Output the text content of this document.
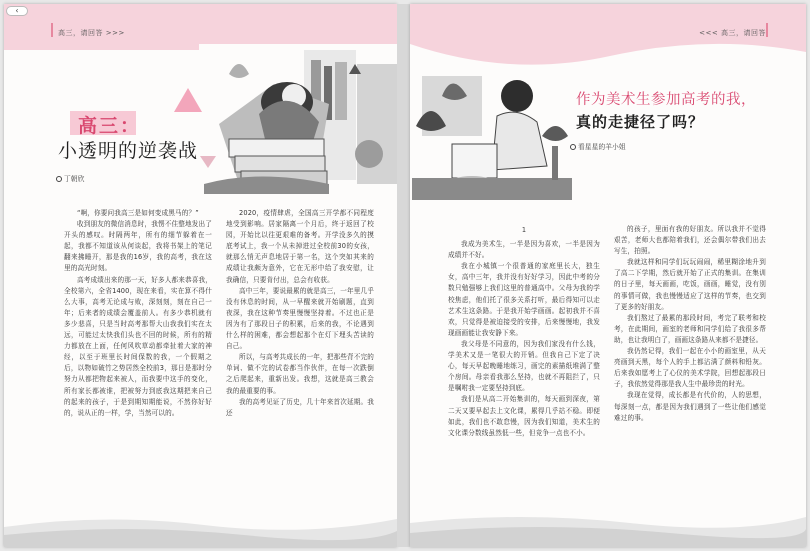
高三，请回答 >>>
高三：
小透明的逆袭战
丁朝欣

“啊，你要问我高三是如何变成黑马的？”

收到朋友的微信消息时，我愣不住整地发出了开头的感叹。时隔两年，所有的细节躲着在一起，我都不知道该从何谈起，我将书架上的笔记翻来拂睡开，那是我的16岁，我的高考，我在这里的高光时刻。

高考成绩出来的那一天，好多人都来恭喜我，全校第六，全省1400，现在来看，实在算不得什么大事，高考无论成与败，深刻刻，刻在自己一年；后来者的成绩会覆盖前人。有多少恭机就有多少悲喜，只是当时高考那帮大山我我们实在太远，可能过太快我们头也不回的时候，所有的精力都放在上面，任何风吹草动都牵扯着大家的神经，以至于班里长时间保数的我，一个假期之后，以物如破竹之势居然全校前3，那日是那时分努力从都把物起来被人，而我要中这手的变化，所有家长都被谁，把被努力到底我这期把来自己的起来的孩子，于是到期知期能说，不然你好好的，说从正的一样，学，当然可以的。

2020，疫情肆虐，全国高三开学都不同程度地受到影响。居家隔离一个月后，终于返回了校园，开始比以往更艰难的备考。开学没多久的摸底考试上，我一个从未掉进过全校前30的女孩，就那么悄无声息地居于第一名，这个突如其来的成绩让我颇为意外，它在无形中给了我安慰，让我确信，只要肯付出，总会有收获。

高中三年，要说最累的就是高三，一年里几乎没有休息的时间，从一早醒来就开始刷题，直到夜深，我在这种节奏里慢慢坚持着。不过也正是因为有了那段日子的积累，后来的我，不论遇到什么样的困难，都会想起那个在灯下埋头苦读的自己。

所以，与高考共成长的一年，把那些背不完的单词、做不完的试卷都当作伙伴，在每一次跌倒之后爬起来，重新出发。我想，这就是高三教会我的最重要的事。

我的高考见证了历史，几十年来首次延期。我还

‹
<<< 高三，请回答
作为美术生参加高考的我，
真的走捷径了吗？
看星星的羊小姐
1

我成为美术生，一半是因为喜欢，一半是因为成绩并不好。

我在小城镇一个很普通的家庭里长大，独生女，高中三年，我并没有好好学习，因此中考的分数只勉强够上我们这里的普通高中。父母为我的学校焦虑，他们托了很多关系打听，最后得知可以走艺术生这条路。于是我开始学画画。起初我并不喜欢，只觉得是被迫接受的安排，后来慢慢地，我发现画画能让我安静下来。

我父母是不同意的，因为我们家没有什么钱，学美术又是一笔很大的开销。但我自己下定了决心，每天早起晚睡地练习，画完的素描纸堆满了整个房间。母亲看我那么坚持，也就不再阻拦了，只是嘱咐我一定要坚持到底。

我们是从高二开始集训的，每天画到深夜，第二天又要早起去上文化课，累得几乎站不稳。即便如此，我们也不敢怠慢，因为我们知道，美术生的文化课分数线虽然低一些，但竞争一点也不小。

的孩子，里面有我的好朋友。所以我并不觉得艰苦，老师大也都陪着我们，还会偶尔带我们出去写生，拍照。

我就这样和同学们玩玩闹闹，稀里糊涂地升到了高二下学期，然后就开始了正式的集训。在集训的日子里，每天画画，吃饭，画画，睡觉，没有别的事情可做，我也慢慢适应了这样的节奏，也交到了更多的好朋友。

我们熬过了最累的那段时间，考完了联考和校考，在此期间，画室的老师和同学们给了我很多帮助，也让我明白了，画画这条路从来都不是捷径。

我仍然记得，我们一起在小小的画室里，从天亮画到天黑，每个人的手上都沾满了颜料和铅灰。后来我如愿考上了心仪的美术学院，回想起那段日子，我依然觉得那是我人生中最珍贵的时光。

我现在觉得，成长都是有代价的，人的思想，每深刻一点，都是因为我们遇到了一些让他们感觉难过的事。
